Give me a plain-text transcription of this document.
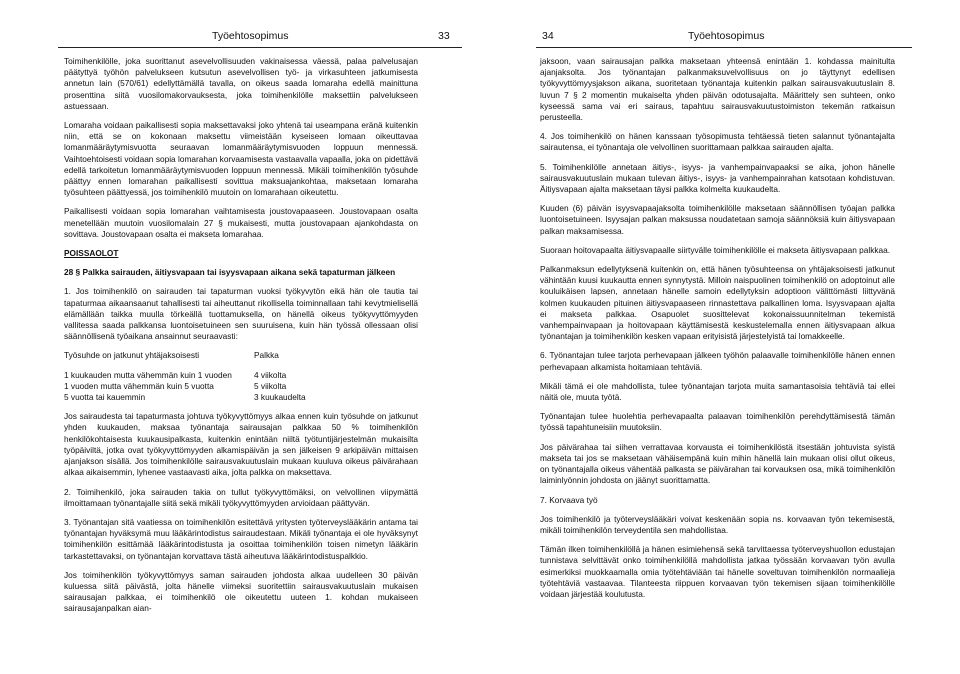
Työehtosopimus	33

Toimihenkilölle, joka suorittanut asevelvollisuuden vakinaisessa väessä, palaa palvelusajan päätyttyä työhön palvelukseen kutsutun asevelvollisen työ- ja virkasuhteen jatkumisesta annetun lain (570/61) edellyttämällä tavalla, on oikeus saada lomaraha edellä mainittuna prosenttina siitä vuosilomakorvauksesta, joka toimihenkilölle maksettiin palvelukseen astuessaan.

Lomaraha voidaan paikallisesti sopia maksettavaksi joko yhtenä tai useampana eränä kuitenkin niin, että se on kokonaan maksettu viimeistään kyseiseen lomaan oikeuttavaa lomanmääräytymisvuotta seuraavan lomanmääräytymisvuoden loppuun mennessä. Vaihtoehtoisesti voidaan sopia lomarahan korvaamisesta vastaavalla vapaalla, joka on pidettävä edellä tarkoitetun lomanmääräytymisvuoden loppuun mennessä. Mikäli toimihenkilön työsuhde päättyy ennen lomarahan paikallisesti sovittua maksuajankohtaa, maksetaan lomaraha työsuhteen päättyessä, jos toimihenkilö muutoin on lomarahaan oikeutettu.

Paikallisesti voidaan sopia lomarahan vaihtamisesta joustovapaaseen. Joustovapaan osalta menetellään muutoin vuosilomalain 27 § mukaisesti, mutta joustovapaan ajankohdasta on sovittava. Joustovapaan osalta ei makseta lomarahaa.

POISSAOLOT

28 § Palkka sairauden, äitiysvapaan tai isyysvapaan aikana sekä tapaturman jälkeen

1. Jos toimihenkilö on sairauden tai tapaturman vuoksi työkyvytön eikä hän ole tautia tai tapaturmaa aikaansaanut tahallisesti tai aiheuttanut rikollisella toiminnallaan tahi kevytmielisellä elämällään taikka muulla törkeällä tuottamuksella, on hänellä oikeus työkyvyttömyyden vallitessa saada palkkansa luontoisetuineen sen suuruisena, kuin hän työssä ollessaan olisi säännöllisenä työaikana ansainnut seuraavasti:

Työsuhde on jatkunut yhtäjaksoisesti	Palkka

1 kuukauden mutta vähemmän kuin 1 vuoden	4 viikolta
1 vuoden mutta vähemmän kuin 5 vuotta	5 viikolta
5 vuotta tai kauemmin	3 kuukaudelta

Jos sairaudesta tai tapaturmasta johtuva työkyvyttömyys alkaa ennen kuin työsuhde on jatkunut yhden kuukauden, maksaa työnantaja sairausajan palkkaa 50 % toimihenkilön henkilökohtaisesta kuukausipalkasta, kuitenkin enintään niiltä työtuntijärjestelmän mukaisilta työpäiviltä, jotka ovat työkyvyttömyyden alkamispäivän ja sen jälkeisen 9 arkipäivän mittaisen ajanjakson sisällä. Jos toimihenkilölle sairausvakuutuslain mukaan kuuluva oikeus päivärahaan alkaa aikaisemmin, lyhenee vastaavasti aika, jolta palkka on maksettava.

2. Toimihenkilö, joka sairauden takia on tullut työkyvyttömäksi, on velvollinen viipymättä ilmoittamaan työnantajalle siitä sekä mikäli työkyvyttömyyden arvioidaan päättyvän.

3. Työnantajan sitä vaatiessa on toimihenkilön esitettävä yritysten työterveyslääkärin antama tai työnantajan hyväksymä muu lääkärintodistus sairaudestaan. Mikäli työnantaja ei ole hyväksynyt toimihenkilön esittämää lääkärintodistusta ja osoittaa toimihenkilön toisen nimetyn lääkärin tarkastettavaksi, on työnantajan korvattava tästä aiheutuva lääkärintodistuspalkkio.

Jos toimihenkilön työkyvyttömyys saman sairauden johdosta alkaa uudelleen 30 päivän kuluessa siitä päivästä, jolta hänelle viimeksi suoritettiin sairausvakuutuslain mukaisen sairausajan palkkaa, ei toimihenkilö ole oikeutettu uuteen 1. kohdan mukaiseen sairausajanpalkan aian-

34	Työehtosopimus

jaksoon, vaan sairausajan palkka maksetaan yhteensä enintään 1. kohdassa mainitulta ajanjaksolta. Jos työnantajan palkanmaksuvelvollisuus on jo täyttynyt edellisen työkyvyttömyysjakson aikana, suoritetaan työnantaja kuitenkin palkan sairausvakuutuslain 8. luvun 7 § 2 momentin mukaiselta yhden päivän odotusajalta. Määrittely sen suhteen, onko kyseessä sama vai eri sairaus, tapahtuu sairausvakuutustoimiston tekemän ratkaisun perusteella.

4. Jos toimihenkilö on hänen kanssaan työsopimusta tehtäessä tieten salannut työnantajalta sairautensa, ei työnantaja ole velvollinen suorittamaan palkkaa sairauden ajalta.

5. Toimihenkilölle annetaan äitiys-, isyys- ja vanhempainvapaaksi se aika, johon hänelle sairausvakuutuslain mukaan tulevan äitiys-, isyys- ja vanhempainrahan katsotaan kohdistuvan. Äitiysvapaan ajalta maksetaan täysi palkka kolmelta kuukaudelta.

Kuuden (6) päivän isyysvapaajaksolta toimihenkilölle maksetaan säännöllisen työajan palkka luontoisetuineen. Isyysajan palkan maksussa noudatetaan samoja säännöksiä kuin äitiysvapaan palkan maksamisessa.

Suoraan hoitovapaalta äitiysvapaalle siirtyvälle toimihenkilölle ei makseta äitiysvapaan palkkaa.

Palkanmaksun edellytyksenä kuitenkin on, että hänen työsuhteensa on yhtäjaksoisesti jatkunut vähintään kuusi kuukautta ennen synnytystä. Milloin naispuolinen toimihenkilö on adoptoinut alle kouluikäisen lapsen, annetaan hänelle samoin edellytyksin adoptioon välittömästi liittyvänä kolmen kuukauden pituinen äitiysvapaaseen rinnastettava palkallinen loma. Isyysvapaan ajalta ei makseta palkkaa. Osapuolet suosittelevat kokonaissuunnitelman tekemistä vanhempainvapaan ja hoitovapaan käyttämisestä keskustelemalla ennen äitiysvapaan alkua työnantajan ja toimihenkilön kesken vapaan erityisistä järjestelyistä tai lomakkeelle.

6. Työnantajan tulee tarjota perhevapaan jälkeen työhön palaavalle toimihenkilölle hänen ennen perhevapaan alkamista hoitamiaan tehtäviä.

Mikäli tämä ei ole mahdollista, tulee työnantajan tarjota muita samantasoisia tehtäviä tai ellei näitä ole, muuta työtä.

Työnantajan tulee huolehtia perhevapaalta palaavan toimihenkilön perehdyttämisestä tämän työssä tapahtuneisiin muutoksiin.

Jos päivärahaa tai siihen verrattavaa korvausta ei toimihenkilöstä itsestään johtuvista syistä makseta tai jos se maksetaan vähäisempänä kuin mihin hänellä lain mukaan olisi ollut oikeus, on työnantajalla oikeus vähentää palkasta se päivärahan tai korvauksen osa, mikä toimihenkilön laiminlyönnin johdosta on jäänyt suorittamatta.

7. Korvaava työ

Jos toimihenkilö ja työterveyslääkäri voivat keskenään sopia ns. korvaavan työn tekemisestä, mikäli toimihenkilön terveydentila sen mahdollistaa.

Tämän ilken toimihenkilöllä ja hänen esimiehensä sekä tarvittaessa työterveyshuollon edustajan tunnistava selvittävät onko toimihenkilöllä mahdollista jatkaa työssään korvaavan työn avulla esimerkiksi muokkaamalla omia työtehtäviään tai hänelle soveltuvan toimihenkilön normaalieja työtehtäviä vastaavaa. Tilanteesta riippuen korvaavan työn tekemisen sijaan toimihenkilölle voidaan järjestää koulutusta.
